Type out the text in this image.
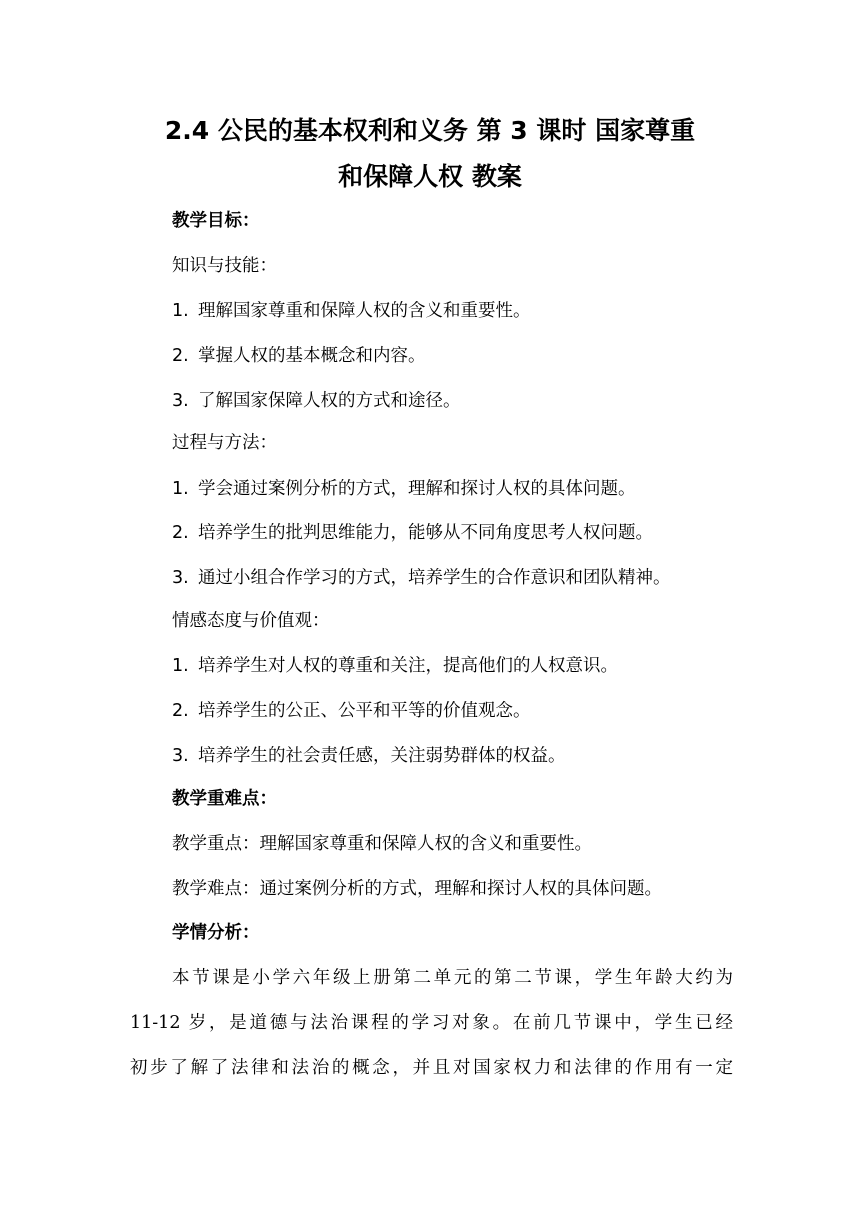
2.4 公民的基本权利和义务 第 3 课时 国家尊重
和保障人权 教案

教学目标：

知识与技能：

1. 理解国家尊重和保障人权的含义和重要性。

2. 掌握人权的基本概念和内容。

3. 了解国家保障人权的方式和途径。

过程与方法：

1. 学会通过案例分析的方式，理解和探讨人权的具体问题。

2. 培养学生的批判思维能力，能够从不同角度思考人权问题。

3. 通过小组合作学习的方式，培养学生的合作意识和团队精神。

情感态度与价值观：

1. 培养学生对人权的尊重和关注，提高他们的人权意识。

2. 培养学生的公正、公平和平等的价值观念。

3. 培养学生的社会责任感，关注弱势群体的权益。

教学重难点：

教学重点：理解国家尊重和保障人权的含义和重要性。

教学难点：通过案例分析的方式，理解和探讨人权的具体问题。

学情分析：

本节课是小学六年级上册第二单元的第二节课，学生年龄大约为

11-12 岁，是道德与法治课程的学习对象。在前几节课中，学生已经

初步了解了法律和法治的概念，并且对国家权力和法律的作用有一定
